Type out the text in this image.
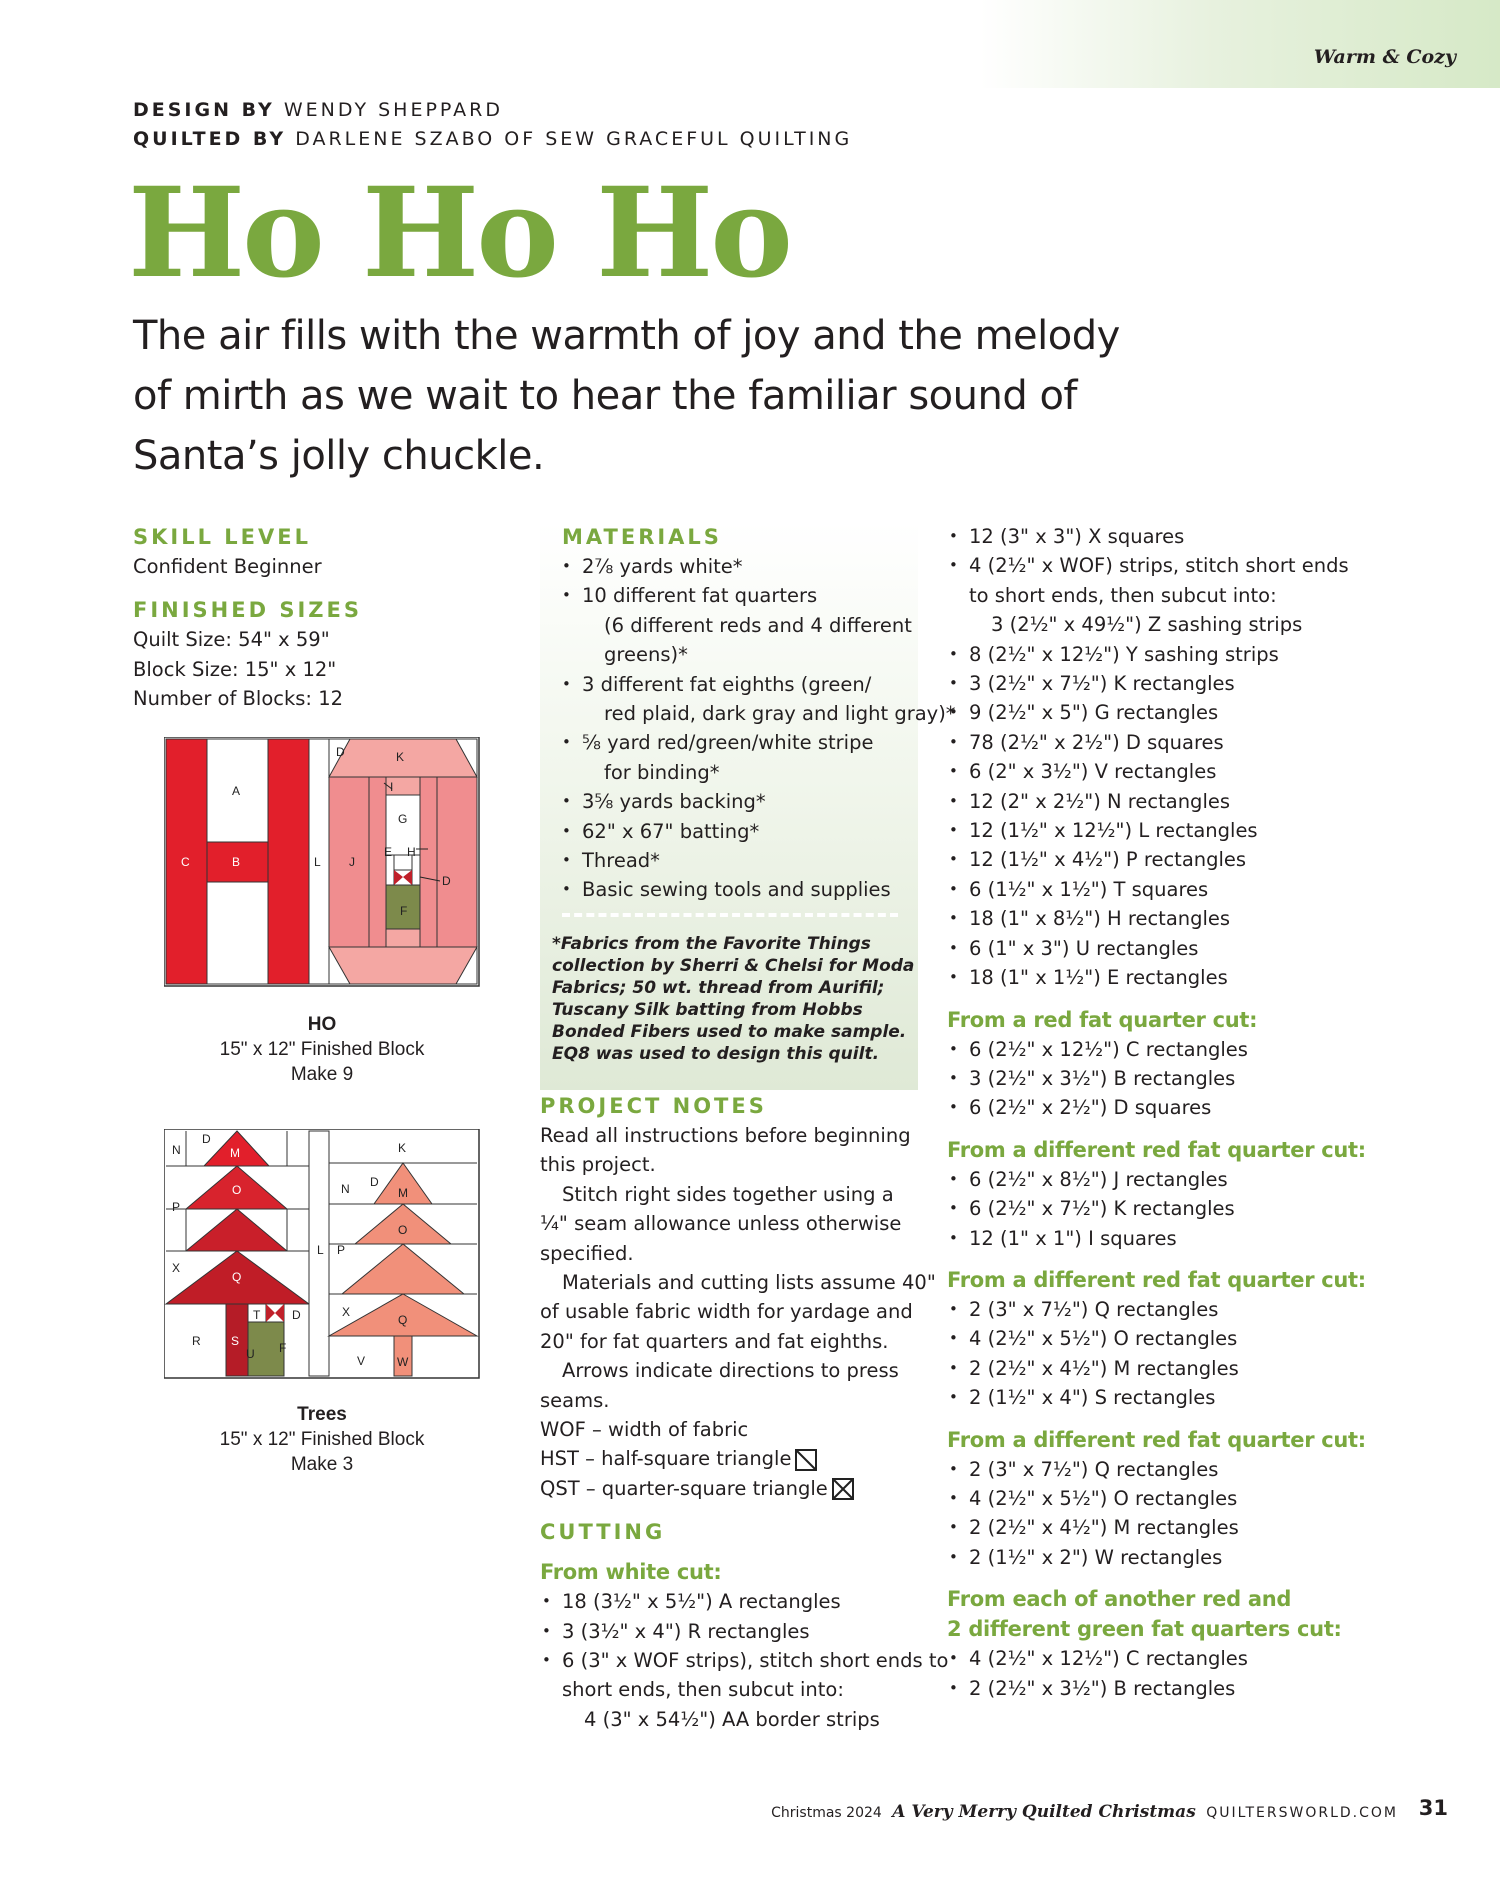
Warm & Cozy
DESIGN BY WENDY SHEPPARD
QUILTED BY DARLENE SZABO OF SEW GRACEFUL QUILTING
Ho Ho Ho
The air fills with the warmth of joy and the melody
of mirth as we wait to hear the familiar sound of
Santa’s jolly chuckle.

SKILL LEVEL

Confident Beginner

FINISHED SIZES

Quilt Size: 54" x 59"

Block Size: 15" x 12"

Number of Blocks: 12

A
B
C	L J
D	K
I
G
E H
D
F
HO
15" x 12" Finished Block
Make 9
N
D
M
O
P
X
Q
T	D
R	S
U F
L
K
N D
M
P
O
X
Q
V	W
Trees
15" x 12" Finished Block
Make 3

MATERIALS

• 2⅞ yards white*
• 10 different fat quarters
(6 different reds and 4 different
greens)*
• 3 different fat eighths (green/
red plaid, dark gray and light gray)*
• ⅝ yard red/green/white stripe
for binding*
• 3⅝ yards backing*
• 62" x 67" batting*
• Thread*
• Basic sewing tools and supplies
*Fabrics from the Favorite Things
collection by Sherri & Chelsi for Moda
Fabrics; 50 wt. thread from Aurifil;
Tuscany Silk batting from Hobbs
Bonded Fibers used to make sample.
EQ8 was used to design this quilt.

PROJECT NOTES

Read all instructions before beginning

this project.

Stitch right sides together using a

¼" seam allowance unless otherwise

specified.

Materials and cutting lists assume 40"

of usable fabric width for yardage and

20" for fat quarters and fat eighths.

Arrows indicate directions to press

seams.

WOF – width of fabric

HST – half-square triangle

QST – quarter-square triangle

CUTTING

From white cut:

• 18 (3½" x 5½") A rectangles
• 3 (3½" x 4") R rectangles
• 6 (3" x WOF strips), stitch short ends to
short ends, then subcut into:
4 (3" x 54½") AA border strips
• 12 (3" x 3") X squares
• 4 (2½" x WOF) strips, stitch short ends
to short ends, then subcut into:
3 (2½" x 49½") Z sashing strips
• 8 (2½" x 12½") Y sashing strips
• 3 (2½" x 7½") K rectangles
• 9 (2½" x 5") G rectangles
• 78 (2½" x 2½") D squares
• 6 (2" x 3½") V rectangles
• 12 (2" x 2½") N rectangles
• 12 (1½" x 12½") L rectangles
• 12 (1½" x 4½") P rectangles
• 6 (1½" x 1½") T squares
• 18 (1" x 8½") H rectangles
• 6 (1" x 3") U rectangles
• 18 (1" x 1½") E rectangles

From a red fat quarter cut:

• 6 (2½" x 12½") C rectangles
• 3 (2½" x 3½") B rectangles
• 6 (2½" x 2½") D squares

From a different red fat quarter cut:

• 6 (2½" x 8½") J rectangles
• 6 (2½" x 7½") K rectangles
• 12 (1" x 1") I squares

From a different red fat quarter cut:

• 2 (3" x 7½") Q rectangles
• 4 (2½" x 5½") O rectangles
• 2 (2½" x 4½") M rectangles
• 2 (1½" x 4") S rectangles

From a different red fat quarter cut:

• 2 (3" x 7½") Q rectangles
• 4 (2½" x 5½") O rectangles
• 2 (2½" x 4½") M rectangles
• 2 (1½" x 2") W rectangles

From each of another red and

2 different green fat quarters cut:

• 4 (2½" x 12½") C rectangles
• 2 (2½" x 3½") B rectangles
Christmas 2024 A Very Merry Quilted Christmas QUILTERSWORLD.COM 31
